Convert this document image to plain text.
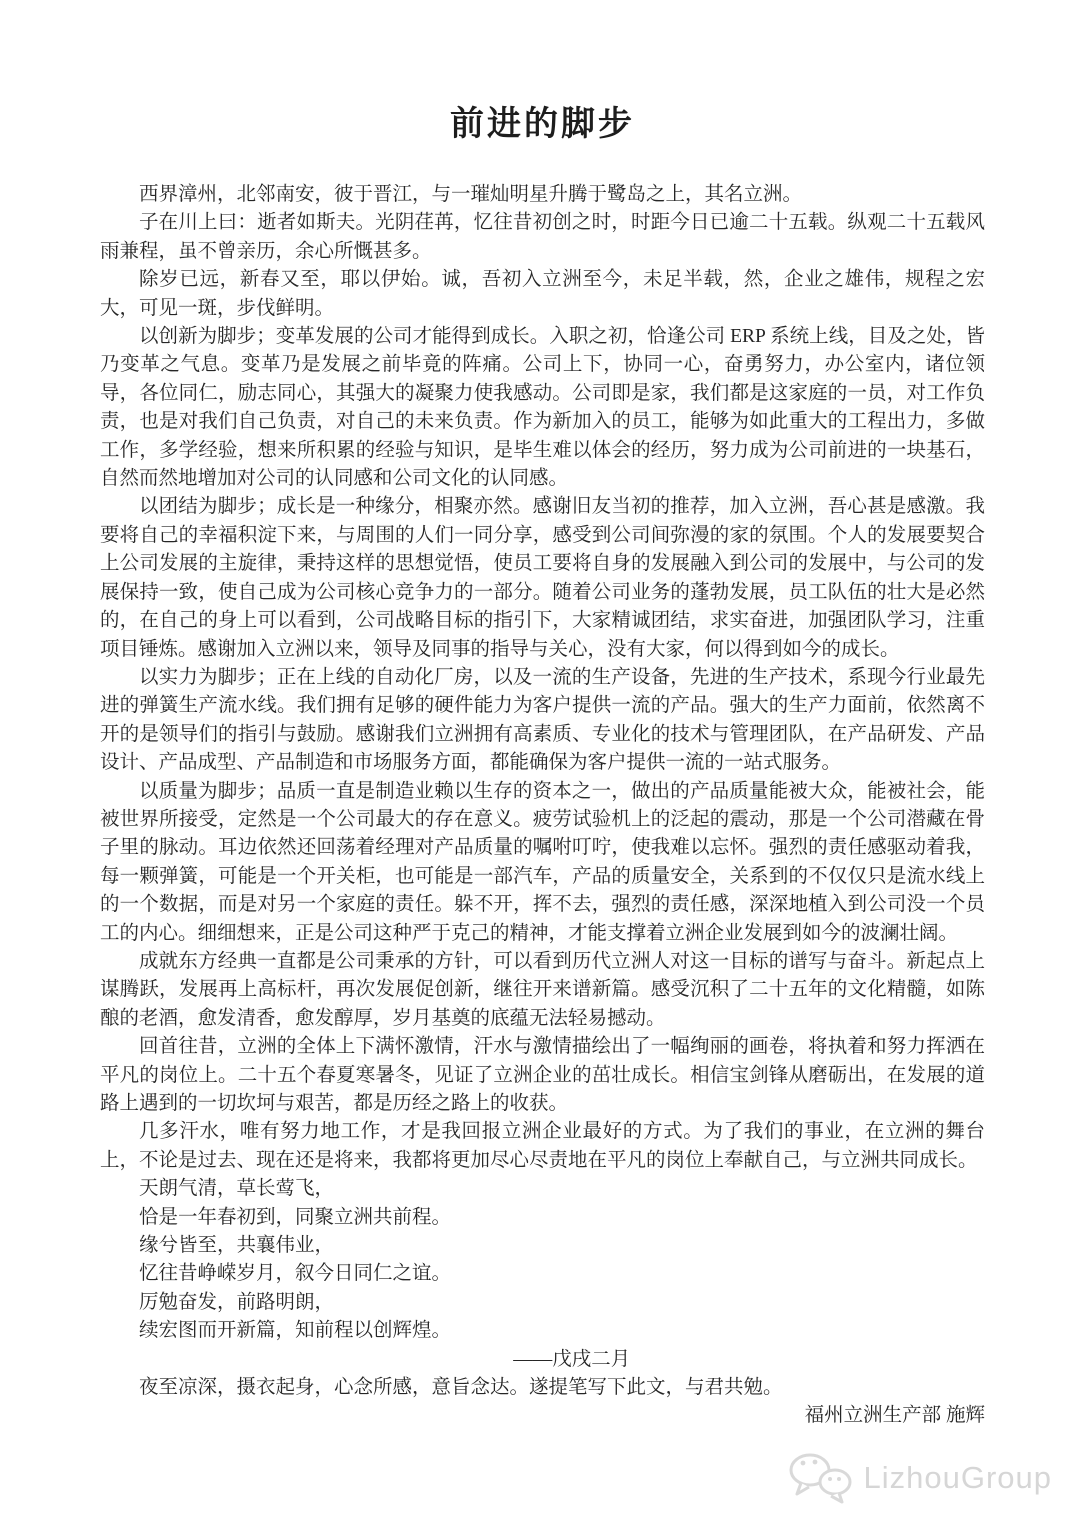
前进的脚步

西界漳州，北邻南安，彼于晋江，与一璀灿明星升腾于鹭岛之上，其名立洲。

子在川上曰：逝者如斯夫。光阴荏苒，忆往昔初创之时，时距今日已逾二十五载。纵观二十五载风雨兼程，虽不曾亲历，余心所慨甚多。

除岁已远，新春又至，耶以伊始。诚，吾初入立洲至今，未足半载，然，企业之雄伟，规程之宏大，可见一斑，步伐鲜明。

以创新为脚步；变革发展的公司才能得到成长。入职之初，恰逢公司 ERP 系统上线，目及之处，皆乃变革之气息。变革乃是发展之前毕竟的阵痛。公司上下，协同一心，奋勇努力，办公室内，诸位领导，各位同仁，励志同心，其强大的凝聚力使我感动。公司即是家，我们都是这家庭的一员，对工作负责，也是对我们自己负责，对自己的未来负责。作为新加入的员工，能够为如此重大的工程出力，多做工作，多学经验，想来所积累的经验与知识，是毕生难以体会的经历，努力成为公司前进的一块基石，自然而然地增加对公司的认同感和公司文化的认同感。

以团结为脚步；成长是一种缘分，相聚亦然。感谢旧友当初的推荐，加入立洲，吾心甚是感激。我要将自己的幸福积淀下来，与周围的人们一同分享，感受到公司间弥漫的家的氛围。个人的发展要契合上公司发展的主旋律，秉持这样的思想觉悟，使员工要将自身的发展融入到公司的发展中，与公司的发展保持一致，使自己成为公司核心竞争力的一部分。随着公司业务的蓬勃发展，员工队伍的壮大是必然的，在自己的身上可以看到，公司战略目标的指引下，大家精诚团结，求实奋进，加强团队学习，注重项目锤炼。感谢加入立洲以来，领导及同事的指导与关心，没有大家，何以得到如今的成长。

以实力为脚步；正在上线的自动化厂房，以及一流的生产设备，先进的生产技术，系现今行业最先进的弹簧生产流水线。我们拥有足够的硬件能力为客户提供一流的产品。强大的生产力面前，依然离不开的是领导们的指引与鼓励。感谢我们立洲拥有高素质、专业化的技术与管理团队，在产品研发、产品设计、产品成型、产品制造和市场服务方面，都能确保为客户提供一流的一站式服务。

以质量为脚步；品质一直是制造业赖以生存的资本之一，做出的产品质量能被大众，能被社会，能被世界所接受，定然是一个公司最大的存在意义。疲劳试验机上的泛起的震动，那是一个公司潜藏在骨子里的脉动。耳边依然还回荡着经理对产品质量的嘱咐叮咛，使我难以忘怀。强烈的责任感驱动着我，每一颗弹簧，可能是一个开关柜，也可能是一部汽车，产品的质量安全，关系到的不仅仅只是流水线上的一个数据，而是对另一个家庭的责任。躲不开，挥不去，强烈的责任感，深深地植入到公司没一个员工的内心。细细想来，正是公司这种严于克己的精神，才能支撑着立洲企业发展到如今的波澜壮阔。

成就东方经典一直都是公司秉承的方针，可以看到历代立洲人对这一目标的谱写与奋斗。新起点上谋腾跃，发展再上高标杆，再次发展促创新，继往开来谱新篇。感受沉积了二十五年的文化精髓，如陈酿的老酒，愈发清香，愈发醇厚，岁月基奠的底蕴无法轻易撼动。

回首往昔，立洲的全体上下满怀激情，汗水与激情描绘出了一幅绚丽的画卷，将执着和努力挥洒在平凡的岗位上。二十五个春夏寒暑冬，见证了立洲企业的茁壮成长。相信宝剑锋从磨砺出，在发展的道路上遇到的一切坎坷与艰苦，都是历经之路上的收获。

几多汗水，唯有努力地工作，才是我回报立洲企业最好的方式。为了我们的事业，在立洲的舞台上，不论是过去、现在还是将来，我都将更加尽心尽责地在平凡的岗位上奉献自己，与立洲共同成长。

天朗气清，草长莺飞，

恰是一年春初到，同聚立洲共前程。

缘兮皆至，共襄伟业，

忆往昔峥嵘岁月，叙今日同仁之谊。

厉勉奋发，前路明朗，

续宏图而开新篇，知前程以创辉煌。

——戊戌二月

夜至凉深，摄衣起身，心念所感，意旨念达。遂提笔写下此文，与君共勉。

福州立洲生产部 施辉

LizhouGroup
